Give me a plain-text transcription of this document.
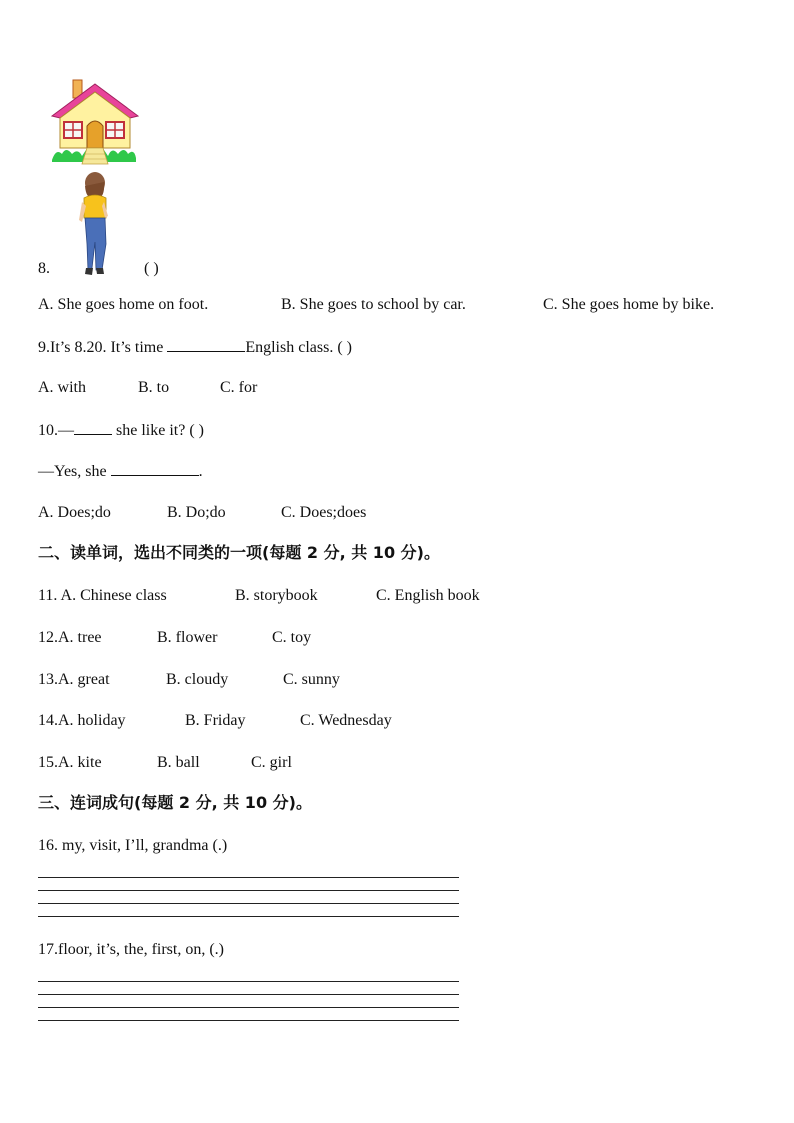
8.	( )
A. She goes home on foot.	B. She goes to school by car.	C. She goes home by bike.
9.It’s 8.20. It’s time	English class. ( )
A. with	B. to	C. for
10.— she like it? ( )
—Yes, she	.
A. Does;do	B. Do;do	C. Does;does
二、读单词，选出不同类的一项(每题 2 分, 共 10 分)。
11. A. Chinese class	B. storybook	C. English book
12.A. tree	B. flower	C. toy
13.A. great	B. cloudy	C. sunny
14.A. holiday	B. Friday	C. Wednesday
15.A. kite	B. ball	C. girl
三、连词成句(每题 2 分, 共 10 分)。
16. my, visit, I’ll, grandma (.)
17.floor, it’s, the, first, on, (.)
